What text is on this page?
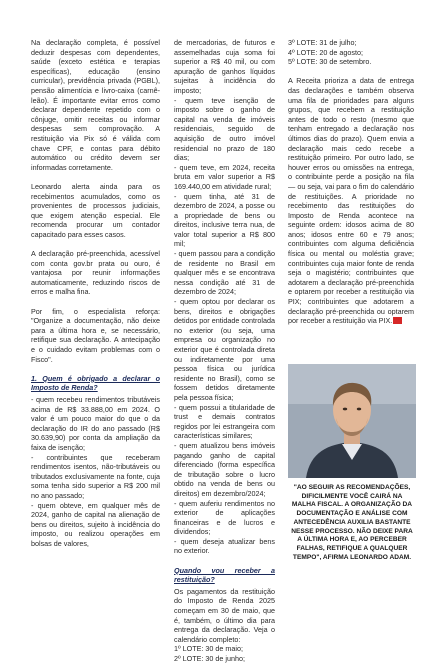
Na declaração completa, é possível deduzir despesas com dependentes, saúde (exceto estética e terapias específicas), educação (ensino curricular), previdência privada (PGBL), pensão alimentícia e livro-caixa (carnê-leão). É importante evitar erros como declarar dependente repetido com o cônjuge, omitir receitas ou informar despesas sem comprovação. A restituição via Pix só é válida com chave CPF, e contas para débito automático ou crédito devem ser informadas corretamente.

Leonardo alerta ainda para os recebimentos acumulados, como os provenientes de processos judiciais, que exigem atenção especial. Ele recomenda procurar um contador capacitado para esses casos.

A declaração pré-preenchida, acessível com conta gov.br prata ou ouro, é vantajosa por reunir informações automaticamente, reduzindo riscos de erros e malha fina.

Por fim, o especialista reforça: "Organize a documentação, não deixe para a última hora e, se necessário, retifique sua declaração. A antecipação e o cuidado evitam problemas com o Fisco".

1. Quem é obrigado a declarar o Imposto de Renda?

- quem recebeu rendimentos tributáveis acima de R$ 33.888,00 em 2024. O valor é um pouco maior do que o da declaração do IR do ano passado (R$ 30.639,90) por conta da ampliação da faixa de isenção;

- contribuintes que receberam rendimentos isentos, não-tributáveis ou tributados exclusivamente na fonte, cuja soma tenha sido superior a R$ 200 mil no ano passado;

- quem obteve, em qualquer mês de 2024, ganho de capital na alienação de bens ou direitos, sujeito à incidência do imposto, ou realizou operações em bolsas de valores,

de mercadorias, de futuros e assemelhadas cuja soma foi superior a R$ 40 mil, ou com apuração de ganhos líquidos sujeitas à incidência do imposto;

- quem teve isenção de imposto sobre o ganho de capital na venda de imóveis residenciais, seguido de aquisição de outro imóvel residencial no prazo de 180 dias;

- quem teve, em 2024, receita bruta em valor superior a R$ 169.440,00 em atividade rural;

- quem tinha, até 31 de dezembro de 2024, a posse ou a propriedade de bens ou direitos, inclusive terra nua, de valor total superior a R$ 800 mil;

- quem passou para a condição de residente no Brasil em qualquer mês e se encontrava nessa condição até 31 de dezembro de 2024;

- quem optou por declarar os bens, direitos e obrigações detidos por entidade controlada no exterior (ou seja, uma empresa ou organização no exterior que é controlada direta ou indiretamente por uma pessoa física ou jurídica residente no Brasil), como se fossem detidos diretamente pela pessoa física;

- quem possui a titularidade de trust e demais contratos regidos por lei estrangeira com características similares;

- quem atualizou bens imóveis pagando ganho de capital diferenciado (forma específica de tributação sobre o lucro obtido na venda de bens ou direitos) em dezembro/2024;

- quem auferiu rendimentos no exterior de aplicações financeiras e de lucros e dividendos;

- quem deseja atualizar bens no exterior.

Quando vou receber a restituição?

Os pagamentos da restituição do Imposto de Renda 2025 começam em 30 de maio, que é, também, o último dia para entrega da declaração. Veja o calendário completo:

1º LOTE: 30 de maio;

2º LOTE: 30 de junho;

3º LOTE: 31 de julho;

4º LOTE: 20 de agosto;

5º LOTE: 30 de setembro.

A Receita prioriza a data de entrega das declarações e também observa uma fila de prioridades para alguns grupos, que recebem a restituição antes de todo o resto (mesmo que tenham entregado a declaração nos últimos dias do prazo). Quem envia a declaração mais cedo recebe a restituição primeiro. Por outro lado, se houver erros ou omissões na entrega, o contribuinte perde a posição na fila — ou seja, vai para o fim do calendário de restituições. A prioridade no recebimento das restituições do Imposto de Renda acontece na seguinte ordem: idosos acima de 80 anos; idosos entre 60 e 79 anos; contribuintes com alguma deficiência física ou mental ou moléstia grave; contribuintes cuja maior fonte de renda seja o magistério; contribuintes que adotarem a declaração pré-preenchida e optarem por receber a restituição via PIX; contribuintes que adotarem a declaração pré-preenchida ou optarem por receber a restituição via PIX.

"AO SEGUIR AS RECOMENDAÇÕES, DIFICILMENTE VOCÊ CAIRÁ NA MALHA FISCAL. A ORGANIZAÇÃO DA DOCUMENTAÇÃO E ANÁLISE COM ANTECEDÊNCIA AUXILIA BASTANTE NESSE PROCESSO. NÃO DEIXE PARA A ÚLTIMA HORA E, AO PERCEBER FALHAS, RETIFIQUE A QUALQUER TEMPO", AFIRMA LEONARDO ADAM.
